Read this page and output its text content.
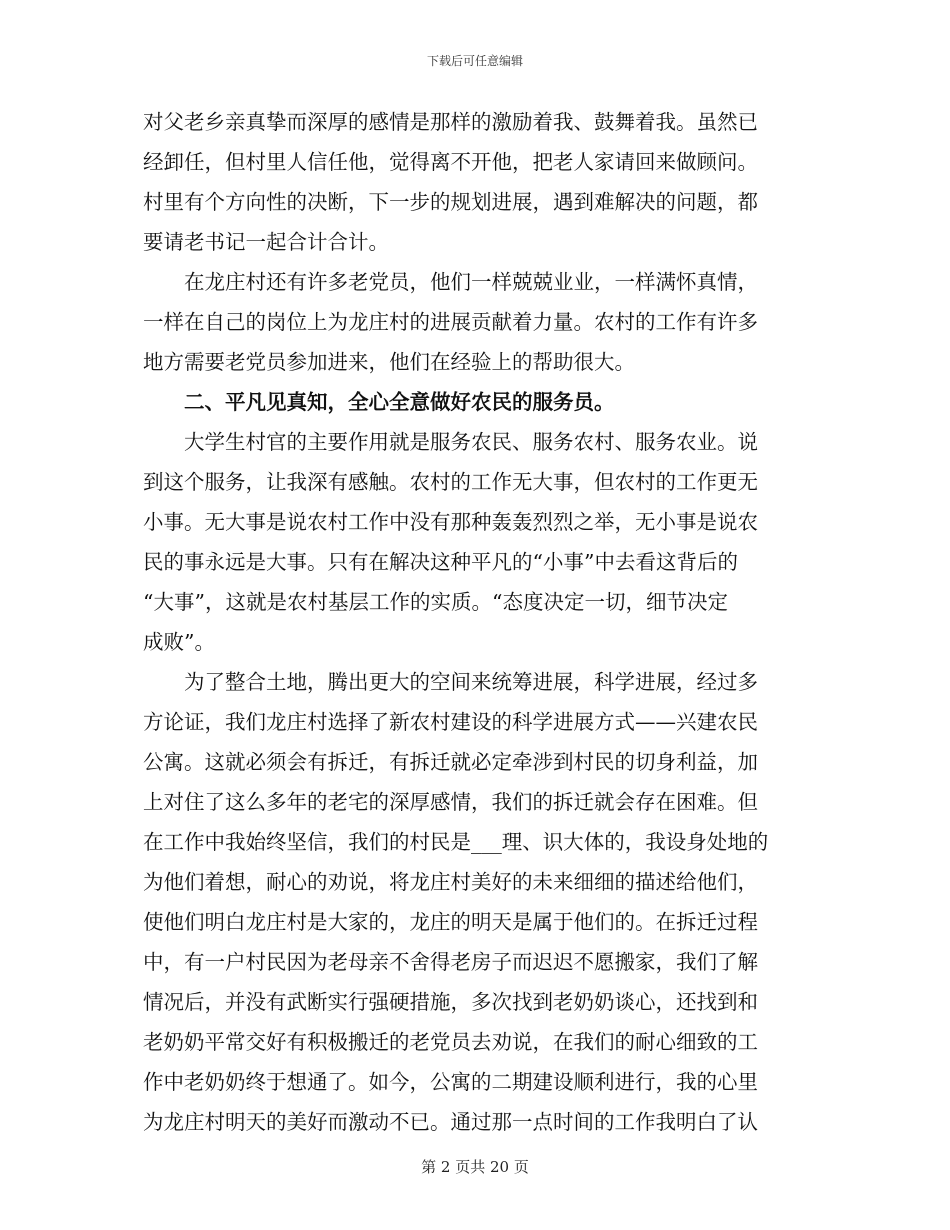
下载后可任意编辑
对父老乡亲真挚而深厚的感情是那样的激励着我、鼓舞着我。虽然已
经卸任，但村里人信任他，觉得离不开他，把老人家请回来做顾问。
村里有个方向性的决断，下一步的规划进展，遇到难解决的问题，都
要请老书记一起合计合计。
　　在龙庄村还有许多老党员，他们一样兢兢业业，一样满怀真情，
一样在自己的岗位上为龙庄村的进展贡献着力量。农村的工作有许多
地方需要老党员参加进来，他们在经验上的帮助很大。
　　二、平凡见真知，全心全意做好农民的服务员。
　　大学生村官的主要作用就是服务农民、服务农村、服务农业。说
到这个服务，让我深有感触。农村的工作无大事，但农村的工作更无
小事。无大事是说农村工作中没有那种轰轰烈烈之举，无小事是说农
民的事永远是大事。只有在解决这种平凡的“小事”中去看这背后的
“大事”，这就是农村基层工作的实质。“态度决定一切，细节决定
成败”。
　　为了整合土地，腾出更大的空间来统筹进展，科学进展，经过多
方论证，我们龙庄村选择了新农村建设的科学进展方式——兴建农民
公寓。这就必须会有拆迁，有拆迁就必定牵涉到村民的切身利益，加
上对住了这么多年的老宅的深厚感情，我们的拆迁就会存在困难。但
在工作中我始终坚信，我们的村民是___理、识大体的，我设身处地的
为他们着想，耐心的劝说，将龙庄村美好的未来细细的描述给他们，
使他们明白龙庄村是大家的，龙庄的明天是属于他们的。在拆迁过程
中，有一户村民因为老母亲不舍得老房子而迟迟不愿搬家，我们了解
情况后，并没有武断实行强硬措施，多次找到老奶奶谈心，还找到和
老奶奶平常交好有积极搬迁的老党员去劝说，在我们的耐心细致的工
作中老奶奶终于想通了。如今，公寓的二期建设顺利进行，我的心里
为龙庄村明天的美好而激动不已。通过那一点时间的工作我明白了认
第 2 页共 20 页
